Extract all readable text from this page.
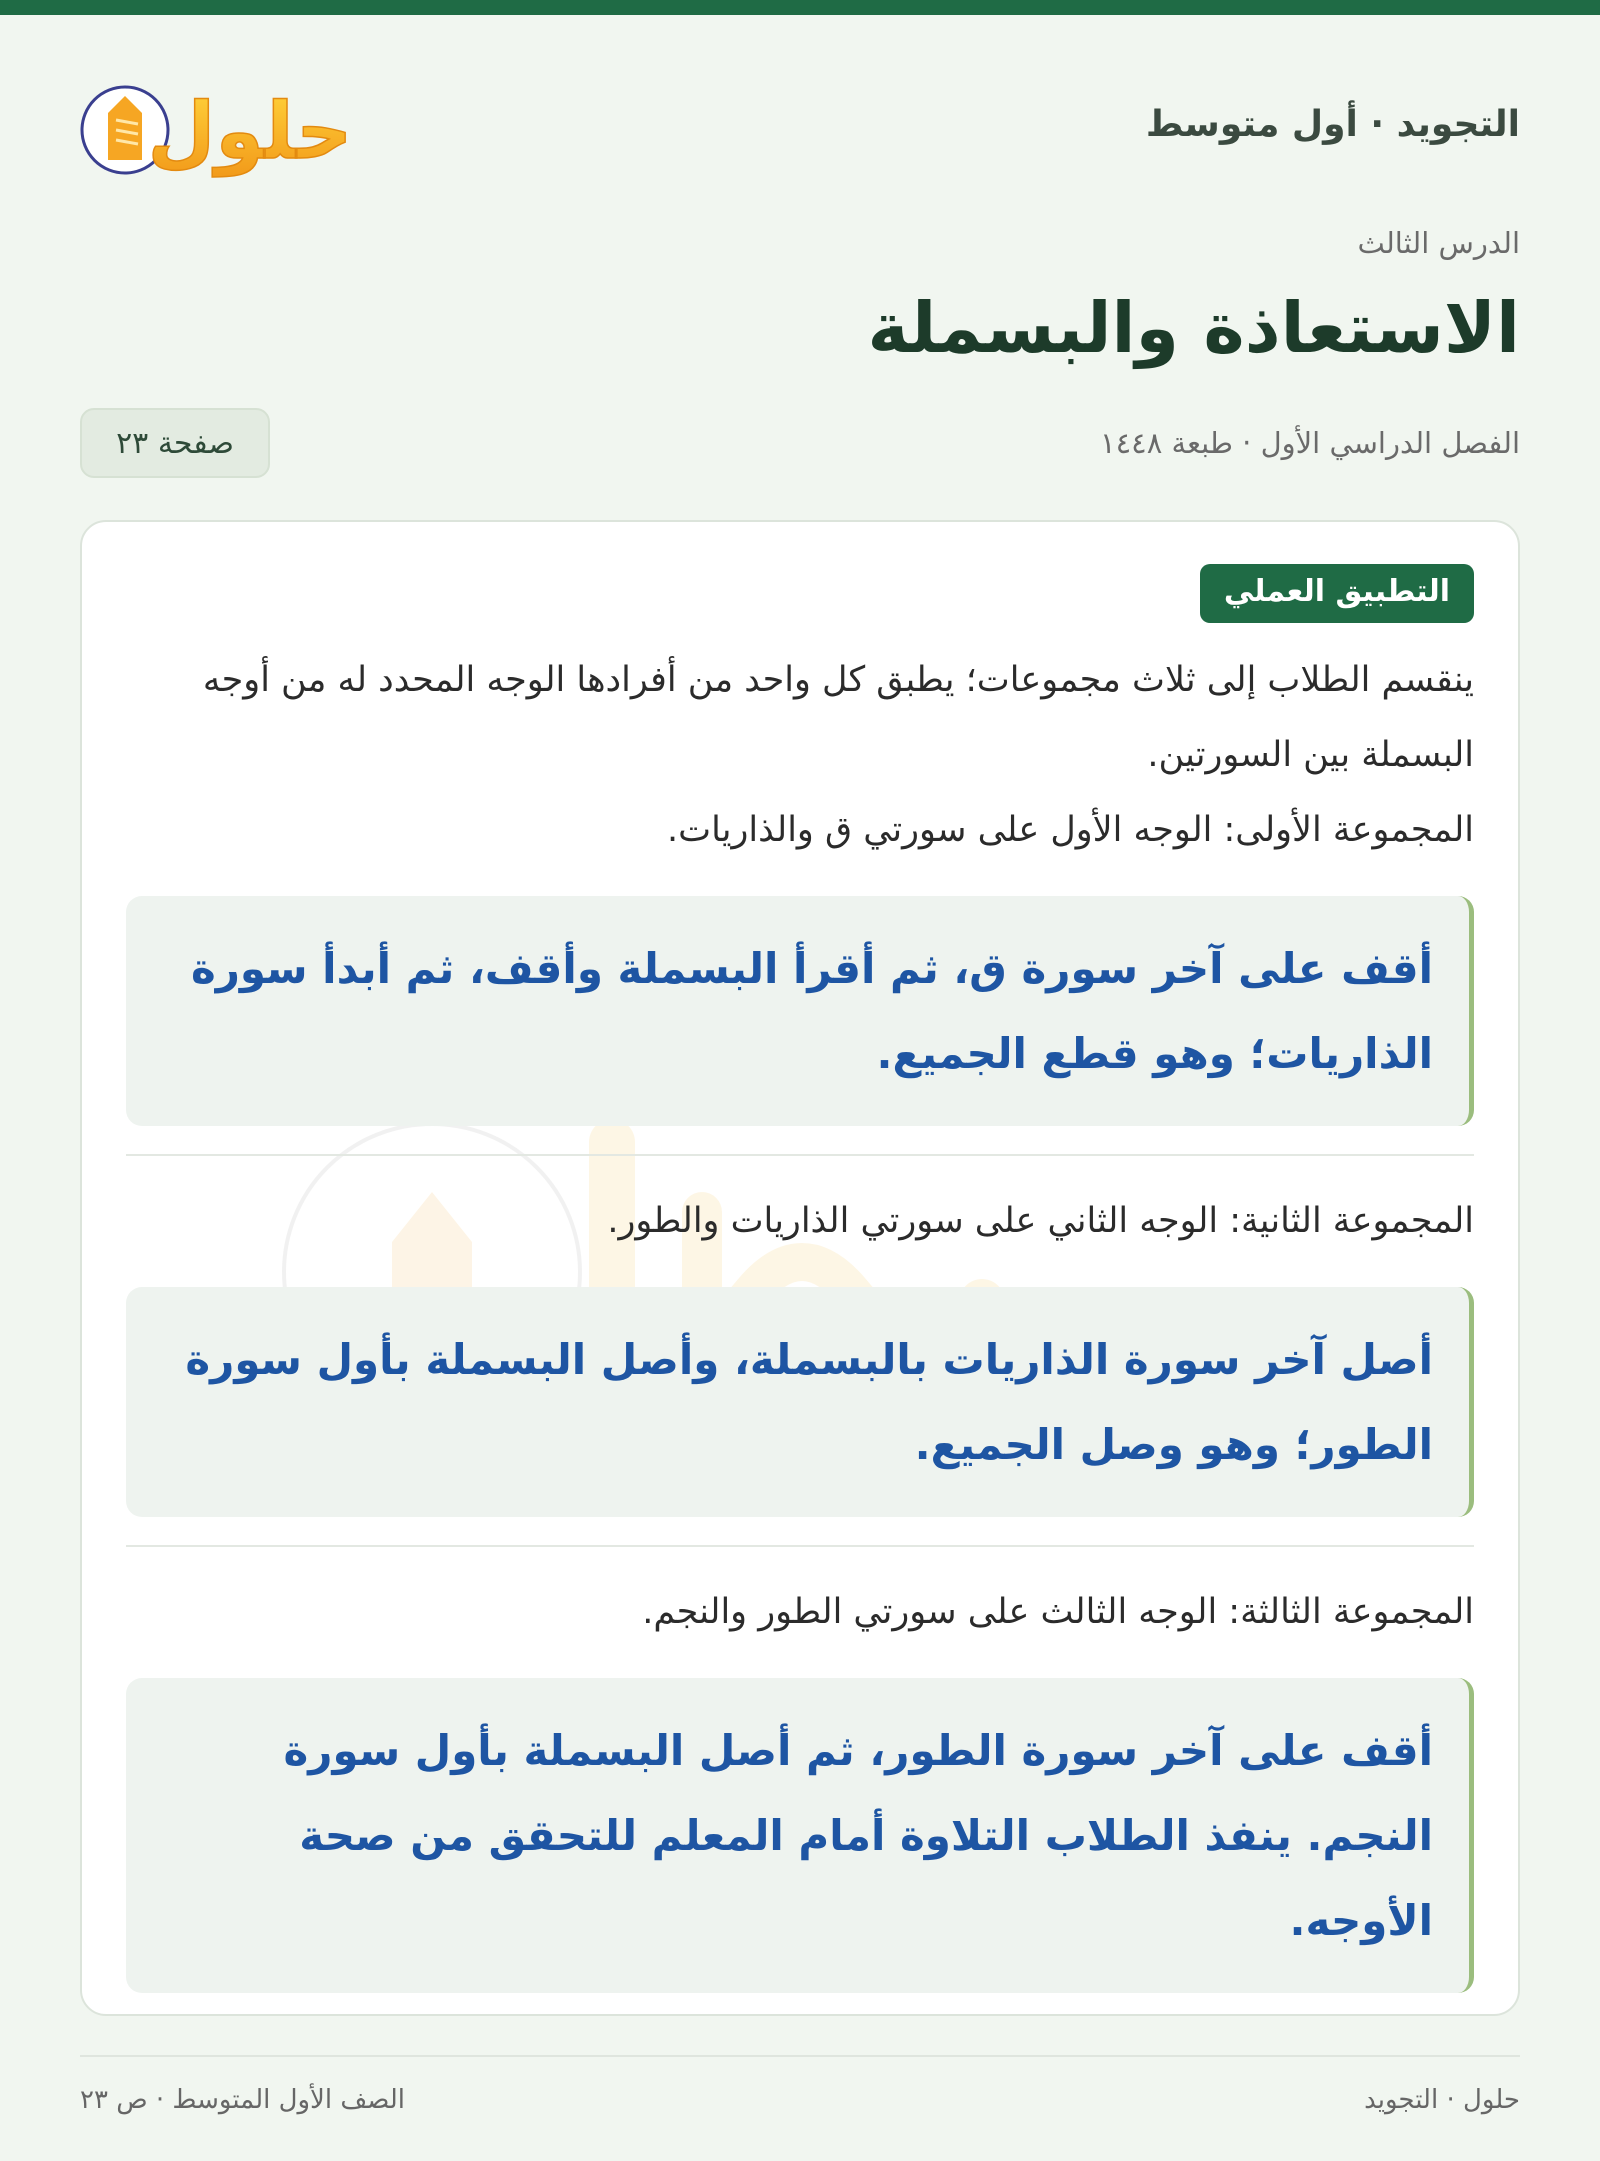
التجويد · أول متوسط
حلول
الدرس الثالث
الاستعاذة والبسملة
الفصل الدراسي الأول · طبعة ١٤٤٨
صفحة ٢٣
التطبيق العملي

ينقسم الطلاب إلى ثلاث مجموعات؛ يطبق كل واحد من أفرادها الوجه المحدد له من أوجه البسملة بين السورتين.

المجموعة الأولى: الوجه الأول على سورتي ق والذاريات.

أقف على آخر سورة ق، ثم أقرأ البسملة وأقف، ثم أبدأ سورة الذاريات؛ وهو قطع الجميع.

المجموعة الثانية: الوجه الثاني على سورتي الذاريات والطور.

أصل آخر سورة الذاريات بالبسملة، وأصل البسملة بأول سورة الطور؛ وهو وصل الجميع.

المجموعة الثالثة: الوجه الثالث على سورتي الطور والنجم.

أقف على آخر سورة الطور، ثم أصل البسملة بأول سورة النجم. ينفذ الطلاب التلاوة أمام المعلم للتحقق من صحة الأوجه.

حلول · التجويد
الصف الأول المتوسط · ص ٢٣
